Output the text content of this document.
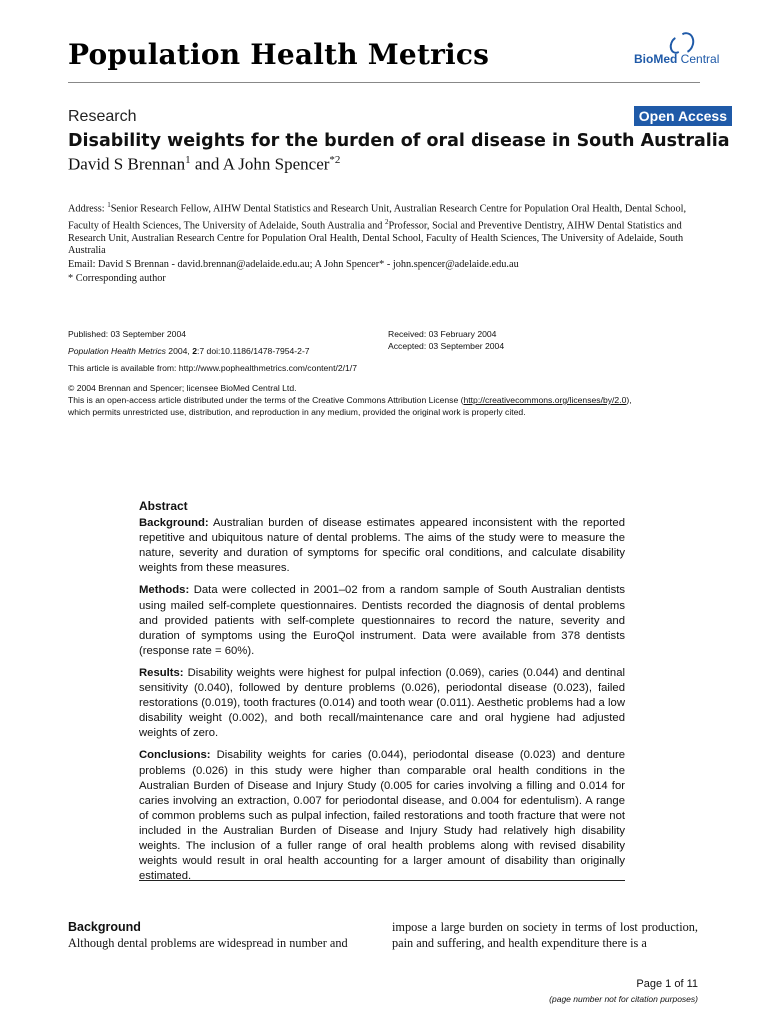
Population Health Metrics	BioMed Central
Research	Open Access
Disability weights for the burden of oral disease in South Australia
David S Brennan$^1$ and A John Spencer$^{*2}$
Address: $^1$Senior Research Fellow, AIHW Dental Statistics and Research Unit, Australian Research Centre for Population Oral Health, Dental School, Faculty of Health Sciences, The University of Adelaide, South Australia and $^2$Professor, Social and Preventive Dentistry, AIHW Dental Statistics and Research Unit, Australian Research Centre for Population Oral Health, Dental School, Faculty of Health Sciences, The University of Adelaide, South Australia
Email: David S Brennan - david.brennan@adelaide.edu.au; A John Spencer* - john.spencer@adelaide.edu.au
* Corresponding author
Published: 03 September 2004
Population Health Metrics 2004, 2:7 doi:10.1186/1478-7954-2-7
Received: 03 February 2004
Accepted: 03 September 2004
This article is available from: http://www.pophealthmetrics.com/content/2/1/7
© 2004 Brennan and Spencer; licensee BioMed Central Ltd.
This is an open-access article distributed under the terms of the Creative Commons Attribution License (http://creativecommons.org/licenses/by/2.0),
which permits unrestricted use, distribution, and reproduction in any medium, provided the original work is properly cited.
Abstract

Background: Australian burden of disease estimates appeared inconsistent with the reported repetitive and ubiquitous nature of dental problems. The aims of the study were to measure the nature, severity and duration of symptoms for specific oral conditions, and calculate disability weights from these measures.

Methods: Data were collected in 2001–02 from a random sample of South Australian dentists using mailed self-complete questionnaires. Dentists recorded the diagnosis of dental problems and provided patients with self-complete questionnaires to record the nature, severity and duration of symptoms using the EuroQol instrument. Data were available from 378 dentists (response rate = 60%).

Results: Disability weights were highest for pulpal infection (0.069), caries (0.044) and dentinal sensitivity (0.040), followed by denture problems (0.026), periodontal disease (0.023), failed restorations (0.019), tooth fractures (0.014) and tooth wear (0.011). Aesthetic problems had a low disability weight (0.002), and both recall/maintenance care and oral hygiene had adjusted weights of zero.

Conclusions: Disability weights for caries (0.044), periodontal disease (0.023) and denture problems (0.026) in this study were higher than comparable oral health conditions in the Australian Burden of Disease and Injury Study (0.005 for caries involving a filling and 0.014 for caries involving an extraction, 0.007 for periodontal disease, and 0.004 for edentulism). A range of common problems such as pulpal infection, failed restorations and tooth fracture that were not included in the Australian Burden of Disease and Injury Study had relatively high disability weights. The inclusion of a fuller range of oral health problems along with revised disability weights would result in oral health accounting for a larger amount of disability than originally estimated.

Background
Although dental problems are widespread in number and
impose a large burden on society in terms of lost production, pain and suffering, and health expenditure there is a
Page 1 of 11
(page number not for citation purposes)
